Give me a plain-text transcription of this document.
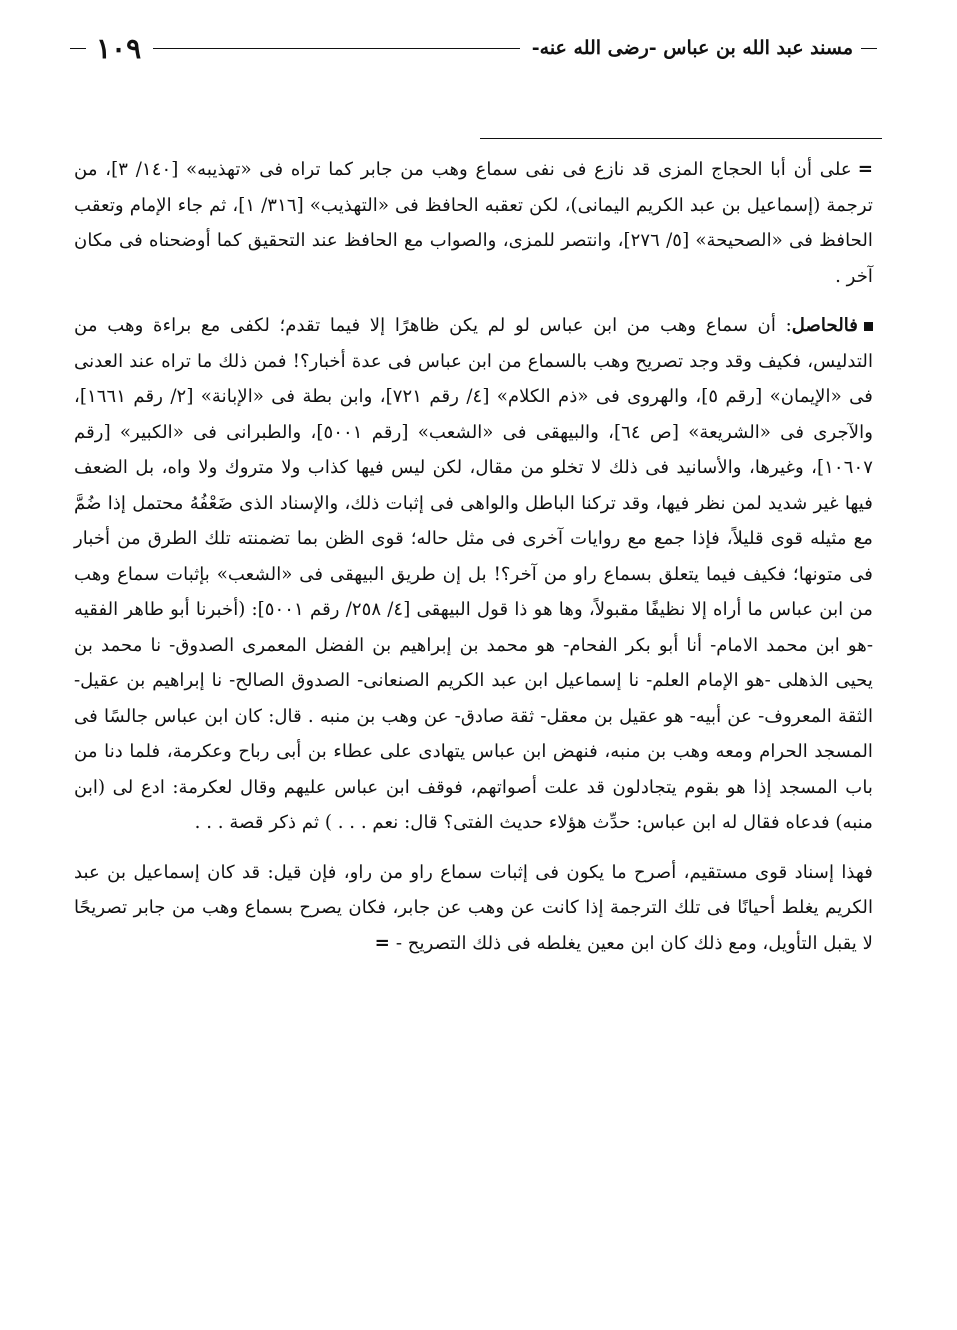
مسند عبد الله بن عباس -رضى الله عنه-
١٠٩

=على أن أبا الحجاج المزى قد نازع فى نفى سماع وهب من جابر كما تراه فى «تهذيبه» [١٤٠/ ٣]، من ترجمة (إسماعيل بن عبد الكريم اليمانى)، لكن تعقبه الحافظ فى «التهذيب» [٣١٦/ ١]، ثم جاء الإمام وتعقب الحافظ فى «الصحيحة» [٥/ ٢٧٦]، وانتصر للمزى، والصواب مع الحافظ عند التحقيق كما أوضحناه فى مكان آخر .

فالحاصل: أن سماع وهب من ابن عباس لو لم يكن ظاهرًا إلا فيما تقدم؛ لكفى مع براءة وهب من التدليس، فكيف وقد وجد تصريح وهب بالسماع من ابن عباس فى عدة أخبار؟! فمن ذلك ما تراه عند العدنى فى «الإيمان» [رقم ٥]، والهروى فى «ذم الكلام» [٤/ رقم ٧٢١]، وابن بطة فى «الإبانة» [٢/ رقم ١٦٦١]، والآجرى فى «الشريعة» [ص ٦٤]، والبيهقى فى «الشعب» [رقم ٥٠٠١]، والطبرانى فى «الكبير» [رقم ١٠٦٠٧]، وغيرها، والأسانيد فى ذلك لا تخلو من مقال، لكن ليس فيها كذاب ولا متروك ولا واه، بل الضعف فيها غير شديد لمن نظر فيها، وقد تركنا الباطل والواهى فى إثبات ذلك، والإسناد الذى ضَعْفُهُ محتمل إذا ضُمَّ مع مثيله قوى قليلاً، فإذا جمع مع روايات آخرى فى مثل حاله؛ قوى الظن بما تضمنته تلك الطرق من أخبار فى متونها؛ فكيف فيما يتعلق بسماع راو من آخر؟! بل إن طريق البيهقى فى «الشعب» بإثبات سماع وهب من ابن عباس ما أراه إلا نظيفًا مقبولاً، وها هو ذا قول البيهقى [٤/ ٢٥٨/ رقم ٥٠٠١]: (أخبرنا أبو طاهر الفقيه -هو ابن محمد الامام- أنا أبو بكر الفحام- هو محمد بن إبراهيم بن الفضل المعمرى الصدوق- نا محمد بن يحيى الذهلى -هو الإمام العلم- نا إسماعيل ابن عبد الكريم الصنعانى- الصدوق الصالح- نا إبراهيم بن عقيل- الثقة المعروف- عن أبيه- هو عقيل بن معقل- ثقة صادق- عن وهب بن منبه . قال: كان ابن عباس جالسًا فى المسجد الحرام ومعه وهب بن منبه، فنهض ابن عباس يتهادى على عطاء بن أبى رباح وعكرمة، فلما دنا من باب المسجد إذا هو بقوم يتجادلون قد علت أصواتهم، فوقف ابن عباس عليهم وقال لعكرمة: ادع لى (ابن منبه) فدعاه فقال له ابن عباس: حدِّث هؤلاء حديث الفتى؟ قال: نعم . . . ) ثم ذكر قصة . . .

فهذا إسناد قوى مستقيم، أصرح ما يكون فى إثبات سماع راو من راو، فإن قيل: قد كان إسماعيل بن عبد الكريم يغلط أحيانًا فى تلك الترجمة إذا كانت عن وهب عن جابر، فكان يصرح بسماع وهب من جابر تصريحًا لا يقبل التأويل، ومع ذلك كان ابن معين يغلطه فى ذلك التصريح -=
